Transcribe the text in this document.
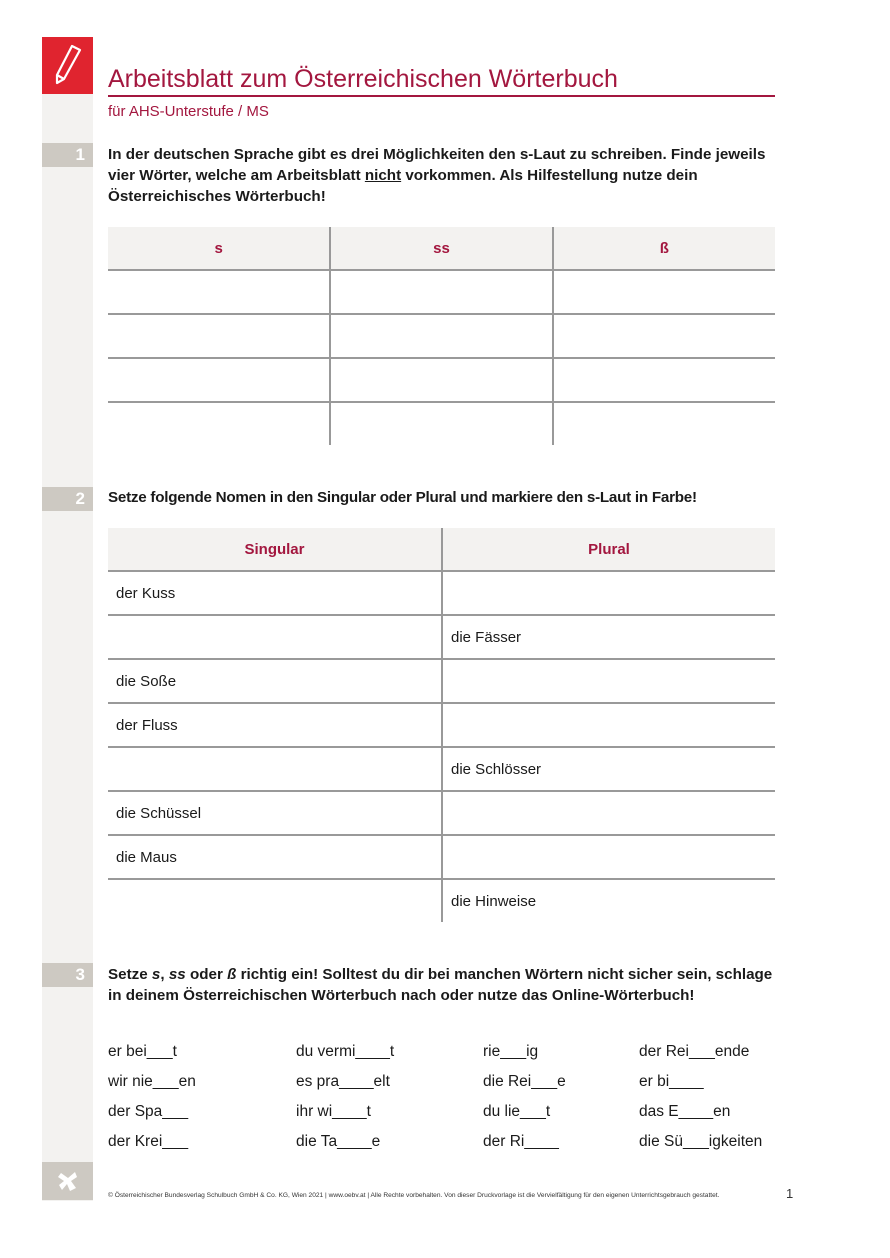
Arbeitsblatt zum Österreichischen Wörterbuch
für AHS-Unterstufe / MS
1	In der deutschen Sprache gibt es drei Möglichkeiten den s-Laut zu schreiben. Finde jeweils vier Wörter, welche am Arbeitsblatt nicht vorkommen. Als Hilfestellung nutze dein Österreichisches Wörterbuch!
s	ss	ß

2	Setze folgende Nomen in den Singular oder Plural und markiere den s-Laut in Farbe!
Singular	Plural
der Kuss	
	die Fässer
die Soße	
der Fluss	
	die Schlösser
die Schüssel	
die Maus	
	die Hinweise
3	Setze s, ss oder ß richtig ein! Solltest du dir bei manchen Wörtern nicht sicher sein, schlage in deinem Österreichischen Wörterbuch nach oder nutze das Online-Wörterbuch!
er bei___t	du vermi____t	rie___ig	der Rei___ende
wir nie___en	es pra____elt	die Rei___e	er bi____
der Spa___	ihr wi____t	du lie___t	das E____en
der Krei___	die Ta____e	der Ri____	die Sü___igkeiten
© Österreichischer Bundesverlag Schulbuch GmbH & Co. KG, Wien 2021 | www.oebv.at | Alle Rechte vorbehalten. Von dieser Druckvorlage ist die Vervielfältigung für den eigenen Unterrichtsgebrauch gestattet.	1
